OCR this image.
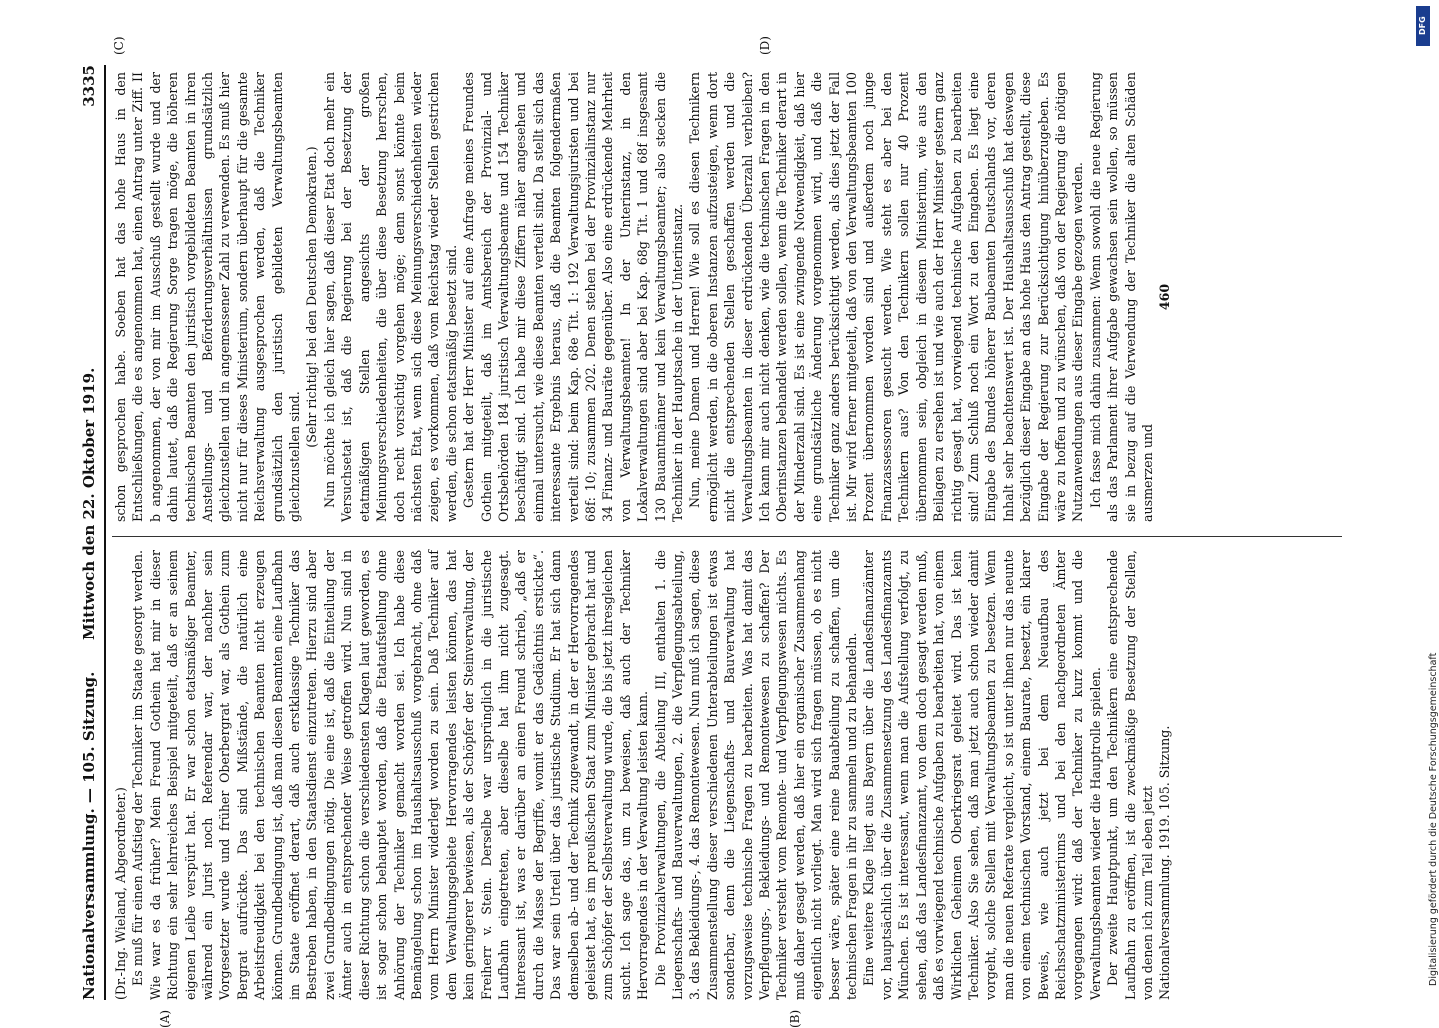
Nationalversammlung. — 105. Sitzung.
Mittwoch den 22. Oktober 1919.
3335
(A)	(B)
(C)	(D)

(Dr.-Ing. Wieland, Abgeordneter.) Es muß für einen Aufstieg der Techniker im Staate gesorgt werden. Wie war es da früher? Mein Freund Gothein hat mir in dieser Richtung ein sehr lehrreiches Beispiel mitgeteilt, daß er an seinem eigenen Leibe verspürt hat. Er war schon etatsmäßiger Beamter, während ein Jurist noch Referendar war, der nachher sein Vorgesetzter wurde und früher Oberbergrat war, als Gothein zum Bergrat aufrückte. Das sind Mißstände, die natürlich eine Arbeitsfreudigkeit bei den technischen Beamten nicht erzeugen können. Grundbedingung ist, daß man diesen Beamten eine Laufbahn im Staate eröffnet derart, daß auch erstklassige Techniker das Bestreben haben, in den Staatsdienst einzutreten. Hierzu sind aber zwei Grundbedingungen nötig. Die eine ist, daß die Einteilung der Ämter auch in entsprechender Weise getroffen wird. Nun sind in dieser Richtung schon die verschiedensten Klagen laut geworden, es ist sogar schon behauptet worden, daß die Etataufstellung ohne Anhörung der Techniker gemacht worden sei. Ich habe diese Bemängelung schon im Haushaltsausschuß vorgebracht, ohne daß vom Herrn Minister widerlegt worden zu sein. Daß Techniker auf dem Verwaltungsgebiete Hervorragendes leisten können, das hat kein geringerer bewiesen, als der Schöpfer der Steinverwaltung, der Freiherr v. Stein. Derselbe war ursprünglich in die juristische Laufbahn eingetreten, aber dieselbe hat ihm nicht zugesagt. Interessant ist, was er darüber an einen Freund schrieb, „daß er durch die Masse der Begriffe, womit er das Gedächtnis erstickte“. Das war sein Urteil über das juristische Studium. Er hat sich dann demselben ab- und der Technik zugewandt, in der er Hervorragendes geleistet hat, es im preußischen Staat zum Minister gebracht hat und zum Schöpfer der Selbstverwaltung wurde, die bis jetzt ihresgleichen sucht. Ich sage das, um zu beweisen, daß auch der Techniker Hervorragendes in der Verwaltung leisten kann. Die Provinzialverwaltungen, die Abteilung III, enthalten 1. die Liegenschafts- und Bauverwaltungen, 2. die Verpflegungsabteilung, 3. das Bekleidungs-, 4. das Remontewesen. Nun muß ich sagen, diese Zusammenstellung dieser verschiedenen Unterabteilungen ist etwas sonderbar, denn die Liegenschafts- und Bauverwaltung hat vorzugsweise technische Fragen zu bearbeiten. Was hat damit das Verpflegungs-, Bekleidungs- und Remontewesen zu schaffen? Der Techniker versteht vom Remonte- und Verpflegungswesen nichts. Es muß daher gesagt werden, daß hier ein organischer Zusammenhang eigentlich nicht vorliegt. Man wird sich fragen müssen, ob es nicht besser wäre, später eine reine Bauabteilung zu schaffen, um die technischen Fragen in ihr zu sammeln und zu behandeln. Eine weitere Klage liegt aus Bayern über die Landesfinanzämter vor, hauptsächlich über die Zusammensetzung des Landesfinanzamts München. Es ist interessant, wenn man die Aufstellung verfolgt, zu sehen, daß das Landesfinanzamt, von dem doch gesagt werden muß, daß es vorwiegend technische Aufgaben zu bearbeiten hat, von einem Wirklichen Geheimen Oberkriegsrat geleitet wird. Das ist kein Techniker. Also Sie sehen, daß man jetzt auch schon wieder damit vorgeht, solche Stellen mit Verwaltungsbeamten zu besetzen. Wenn man die neuen Referate vergleicht, so ist unter ihnen nur das neunte von einem technischen Vorstand, einem Baurate, besetzt, ein klarer Beweis, wie auch jetzt bei dem Neuaufbau des Reichsschatzministeriums und bei den nachgeordneten Ämter vorgegangen wird: daß der Techniker zu kurz kommt und die Verwaltungsbeamten wieder die Hauptrolle spielen. Der zweite Hauptpunkt, um den Technikern eine entsprechende Laufbahn zu eröffnen, ist die zweckmäßige Besetzung der Stellen, von denen ich zum Teil eben jetzt Nationalversammlung. 1919. 105. Sitzung.

schon gesprochen habe. Soeben hat das hohe Haus in den Entschließungen, die es angenommen hat, einen Antrag unter Ziff. II b angenommen, der von mir im Ausschuß gestellt wurde und der dahin lautet, daß die Regierung Sorge tragen möge, die höheren technischen Beamten den juristisch vorgebildeten Beamten in ihren Anstellungs- und Beförderungsverhältnissen grundsätzlich gleichzustellen und in angemessener Zahl zu verwenden. Es muß hier nicht nur für dieses Ministerium, sondern überhaupt für die gesamte Reichsverwaltung ausgesprochen werden, daß die Techniker grundsätzlich den juristisch gebildeten Verwaltungsbeamten gleichzustellen sind.

(Sehr richtig! bei den Deutschen Demokraten.) Nun möchte ich gleich hier sagen, daß dieser Etat doch mehr ein Versuchsetat ist, daß die Regierung bei der Besetzung der etatmäßigen Stellen angesichts der großen Meinungsverschiedenheiten, die über diese Besetzung herrschen, doch recht vorsichtig vorgehen möge; denn sonst könnte beim nächsten Etat, wenn sich diese Meinungsverschiedenheiten wieder zeigen, es vorkommen, daß vom Reichstag wieder Stellen gestrichen werden, die schon etatsmäßig besetzt sind. Gestern hat der Herr Minister auf eine Anfrage meines Freundes Gothein mitgeteilt, daß im Amtsbereich der Provinzial- und Ortsbehörden 184 juristisch Verwaltungsbeamte und 154 Techniker beschäftigt sind. Ich habe mir diese Ziffern näher angesehen und einmal untersucht, wie diese Beamten verteilt sind. Da stellt sich das interessante Ergebnis heraus, daß die Beamten folgendermaßen verteilt sind: beim Kap. 68e Tit. 1: 192 Verwaltungsjuristen und bei 68f: 10; zusammen 202. Denen stehen bei der Provinzialinstanz nur 34 Finanz- und Bauräte gegenüber. Also eine erdrückende Mehrheit von Verwaltungsbeamten! In der Unterinstanz, in den Lokalverwaltungen sind aber bei Kap. 68g Tit. 1 und 68f insgesamt 130 Bauamtmänner und kein Verwaltungsbeamter; also stecken die Techniker in der Hauptsache in der Unterinstanz. Nun, meine Damen und Herren! Wie soll es diesen Technikern ermöglicht werden, in die oberen Instanzen aufzusteigen, wenn dort nicht die entsprechenden Stellen geschaffen werden und die Verwaltungsbeamten in dieser erdrückenden Überzahl verbleiben? Ich kann mir auch nicht denken, wie die technischen Fragen in den Oberinstanzen behandelt werden sollen, wenn die Techniker derart in der Minderzahl sind. Es ist eine zwingende Notwendigkeit, daß hier eine grundsätzliche Änderung vorgenommen wird, und daß die Techniker ganz anders berücksichtigt werden, als dies jetzt der Fall ist. Mir wird ferner mitgeteilt, daß von den Verwaltungsbeamten 100 Prozent übernommen worden sind und außerdem noch junge Finanzassessoren gesucht werden. Wie steht es aber bei den Technikern aus? Von den Technikern sollen nur 40 Prozent übernommen sein, obgleich in diesem Ministerium, wie aus den Beilagen zu ersehen ist und wie auch der Herr Minister gestern ganz richtig gesagt hat, vorwiegend technische Aufgaben zu bearbeiten sind! Zum Schluß noch ein Wort zu den Eingaben. Es liegt eine Eingabe des Bundes höherer Baubeamten Deutschlands vor, deren Inhalt sehr beachtenswert ist. Der Haushaltsausschuß hat deswegen bezüglich dieser Eingabe an das hohe Haus den Antrag gestellt, diese Eingabe der Regierung zur Berücksichtigung hinüberzugeben. Es wäre zu hoffen und zu wünschen, daß von der Regierung die nötigen Nutzanwendungen aus dieser Eingabe gezogen werden. Ich fasse mich dahin zusammen: Wenn sowohl die neue Regierung als das Parlament ihrer Aufgabe gewachsen sein wollen, so müssen sie in bezug auf die Verwendung der Techniker die alten Schäden ausmerzen und

460

DFG
Digitalisierung gefördert durch die Deutsche Forschungsgemeinschaft
